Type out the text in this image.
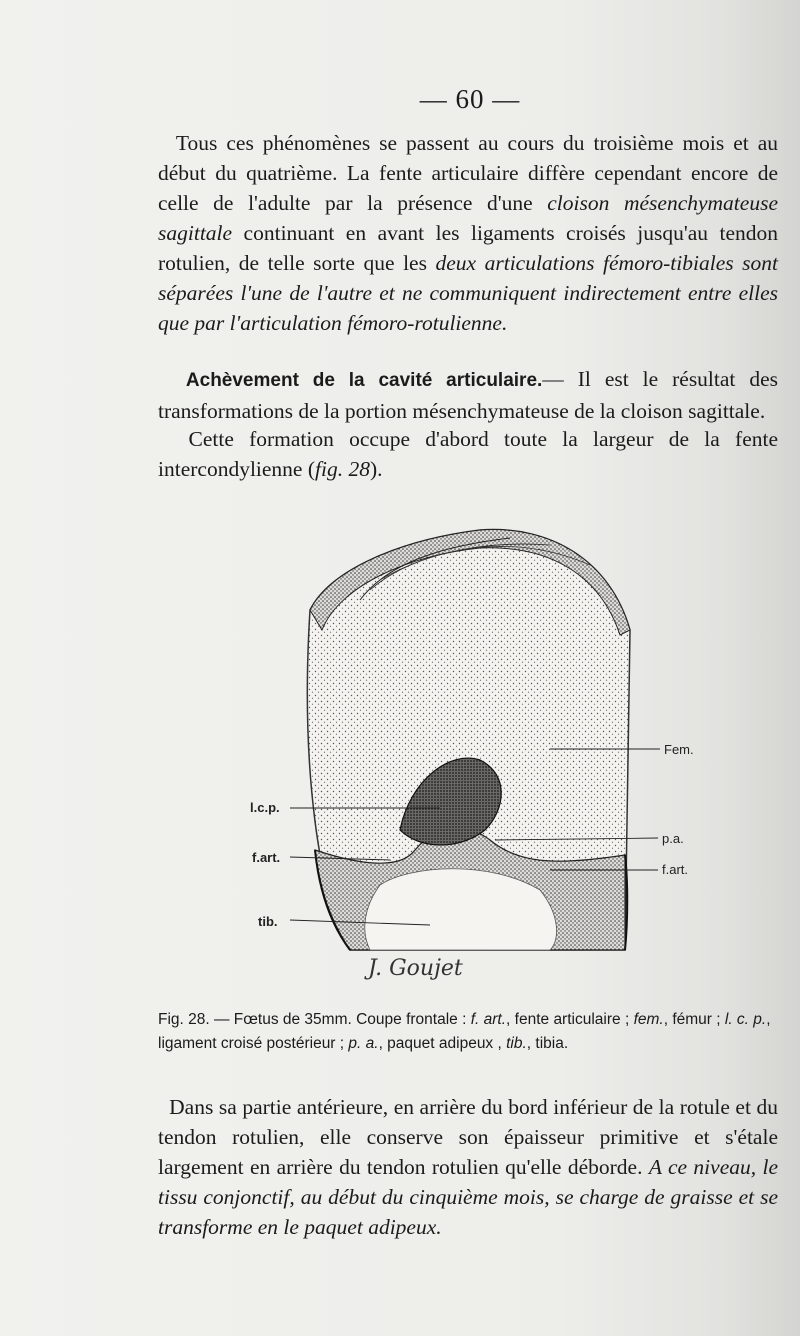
— 60 —

Tous ces phénomènes se passent au cours du troisième mois et au début du quatrième. La fente articulaire diffère cependant encore de celle de l'adulte par la présence d'une cloison mésenchymateuse sagittale continuant en avant les ligaments croisés jusqu'au tendon rotulien, de telle sorte que les deux articulations fémoro-tibiales sont séparées l'une de l'autre et ne communiquent indirectement entre elles que par l'articulation fémoro-rotulienne.

Achèvement de la cavité articulaire.— Il est le résultat des transformations de la portion mésenchymateuse de la cloison sagittale.

Cette formation occupe d'abord toute la largeur de la fente intercondylienne (fig. 28).

Fem.
l.c.p.
p.a.
f.art.
f.art.
tib.
J. Goujet
Fig. 28. — Fœtus de 35mm. Coupe frontale : f. art., fente articulaire ; fem., fémur ; l. c. p., ligament croisé postérieur ; p. a., paquet adipeux , tib., tibia.

Dans sa partie antérieure, en arrière du bord inférieur de la rotule et du tendon rotulien, elle conserve son épaisseur primitive et s'étale largement en arrière du tendon rotulien qu'elle déborde. A ce niveau, le tissu conjonctif, au début du cinquième mois, se charge de graisse et se transforme en le paquet adipeux.
